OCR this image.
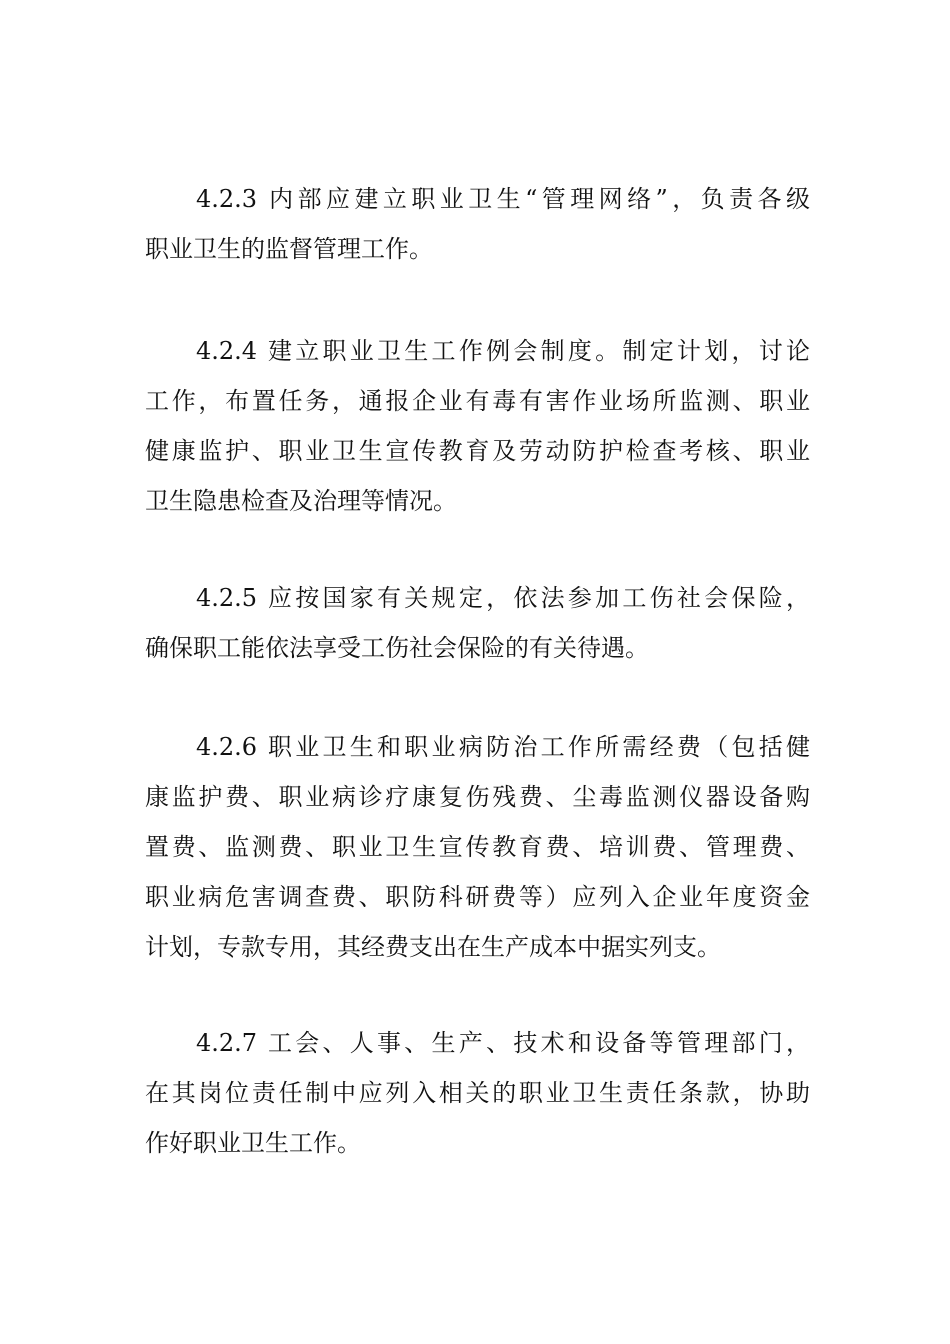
4.2.3 内部应建立职业卫生“管理网络”，负责各级
职业卫生的监督管理工作。
4.2.4 建立职业卫生工作例会制度。制定计划，讨论
工作，布置任务，通报企业有毒有害作业场所监测、职业
健康监护、职业卫生宣传教育及劳动防护检查考核、职业
卫生隐患检查及治理等情况。
4.2.5 应按国家有关规定，依法参加工伤社会保险，
确保职工能依法享受工伤社会保险的有关待遇。
4.2.6 职业卫生和职业病防治工作所需经费（包括健
康监护费、职业病诊疗康复伤残费、尘毒监测仪器设备购
置费、监测费、职业卫生宣传教育费、培训费、管理费、
职业病危害调查费、职防科研费等）应列入企业年度资金
计划，专款专用，其经费支出在生产成本中据实列支。
4.2.7 工会、人事、生产、技术和设备等管理部门，
在其岗位责任制中应列入相关的职业卫生责任条款，协助
作好职业卫生工作。
